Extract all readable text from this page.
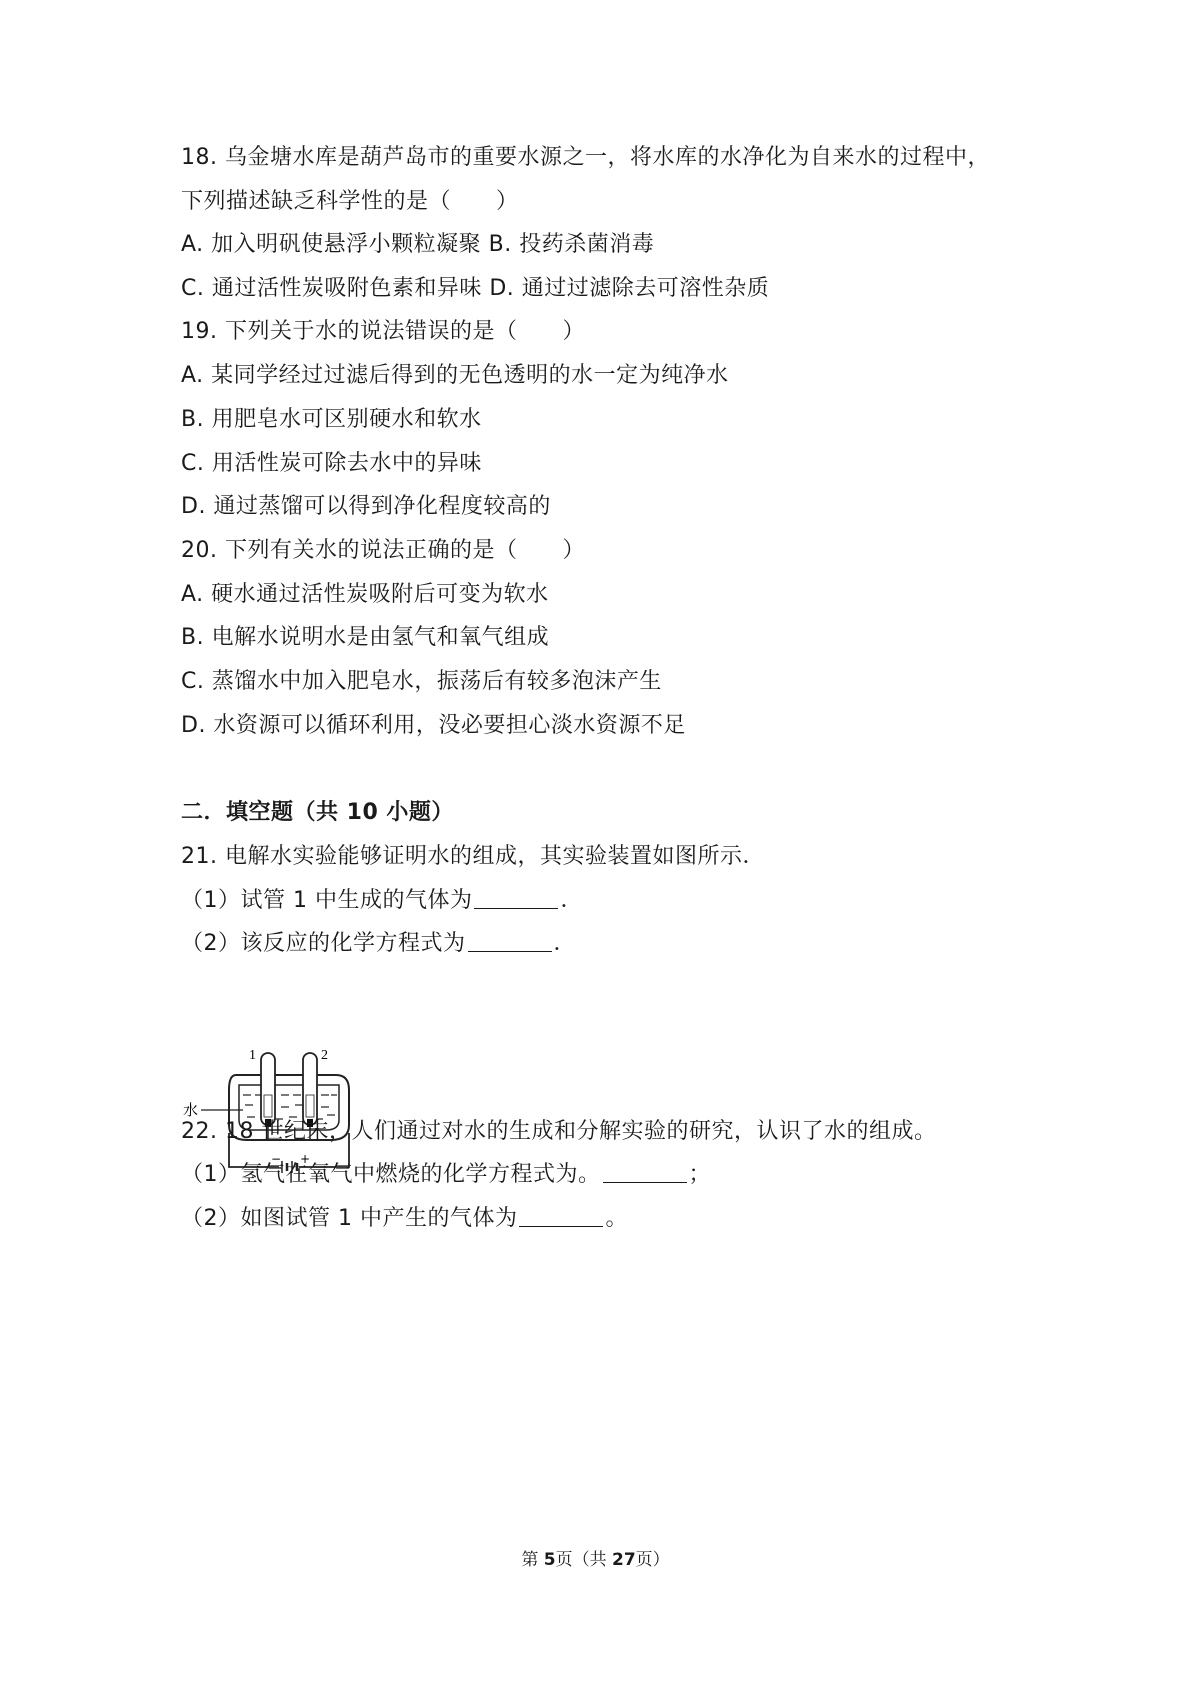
18. 乌金塘水库是葫芦岛市的重要水源之一，将水库的水净化为自来水的过程中，
下列描述缺乏科学性的是（　　）
A. 加入明矾使悬浮小颗粒凝聚 B. 投药杀菌消毒
C. 通过活性炭吸附色素和异味 D. 通过过滤除去可溶性杂质
19. 下列关于水的说法错误的是（　　）
A. 某同学经过过滤后得到的无色透明的水一定为纯净水
B. 用肥皂水可区别硬水和软水
C. 用活性炭可除去水中的异味
D. 通过蒸馏可以得到净化程度较高的
20. 下列有关水的说法正确的是（　　）
A. 硬水通过活性炭吸附后可变为软水
B. 电解水说明水是由氢气和氧气组成
C. 蒸馏水中加入肥皂水，振荡后有较多泡沫产生
D. 水资源可以循环利用，没必要担心淡水资源不足
二．填空题（共 10 小题）
21. 电解水实验能够证明水的组成，其实验装置如图所示．
（1）试管 1 中生成的气体为	．
（2）该反应的化学方程式为	．
1	2
水
− +
22. 18 世纪末，人们通过对水的生成和分解实验的研究，认识了水的组成。
（1）氢气在氧气中燃烧的化学方程式为。	；
（2）如图试管 1 中产生的气体为	。
第 5页（共 27页）
